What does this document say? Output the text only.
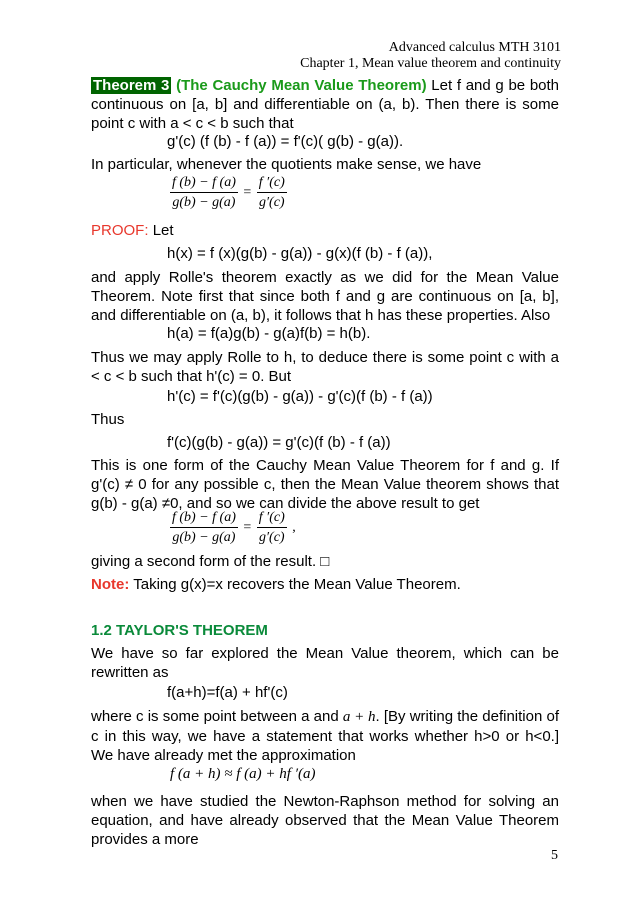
Advanced calculus MTH 3101
Chapter 1, Mean value theorem and continuity
Theorem 3 (The Cauchy Mean Value Theorem) Let f and g be both continuous on [a, b] and differentiable on (a, b). Then there is some point c with a < c < b such that
g'(c) (f (b) - f (a)) = f'(c)( g(b) - g(a)).
In particular, whenever the quotients make sense, we have
$\frac{f (b) - f (a)}{g(b) - g(a)} = \frac{f '(c)}{g'(c)}$
PROOF: Let
h(x) = f (x)(g(b) - g(a)) - g(x)(f (b) - f (a)),
and apply Rolle's theorem exactly as we did for the Mean Value Theorem. Note first that since both f and g are continuous on [a, b], and differentiable on (a, b), it follows that h has these properties. Also
h(a) = f(a)g(b) - g(a)f(b) = h(b).
Thus we may apply Rolle to h, to deduce there is some point c with a < c < b such that h'(c) = 0. But
h'(c) = f'(c)(g(b) - g(a)) - g'(c)(f (b) - f (a))
Thus
f'(c)(g(b) - g(a)) = g'(c)(f (b) - f (a))
This is one form of the Cauchy Mean Value Theorem for f and g. If g'(c) ≠ 0 for any possible c, then the Mean Value theorem shows that g(b) - g(a) ≠0, and so we can divide the above result to get
$\frac{f (b) - f (a)}{g(b) - g(a)} = \frac{f '(c)}{g'(c)}$ ,
giving a second form of the result. □
Note: Taking g(x)=x recovers the Mean Value Theorem.
1.2 TAYLOR'S THEOREM
We have so far explored the Mean Value theorem, which can be rewritten as
f(a+h)=f(a) + hf'(c)
where c is some point between a and a + h. [By writing the definition of c in this way, we have a statement that works whether h>0 or h<0.] We have already met the approximation
f (a + h) ≈ f (a) + hf ′(a)
when we have studied the Newton-Raphson method for solving an equation, and have already observed that the Mean Value Theorem provides a more
5
